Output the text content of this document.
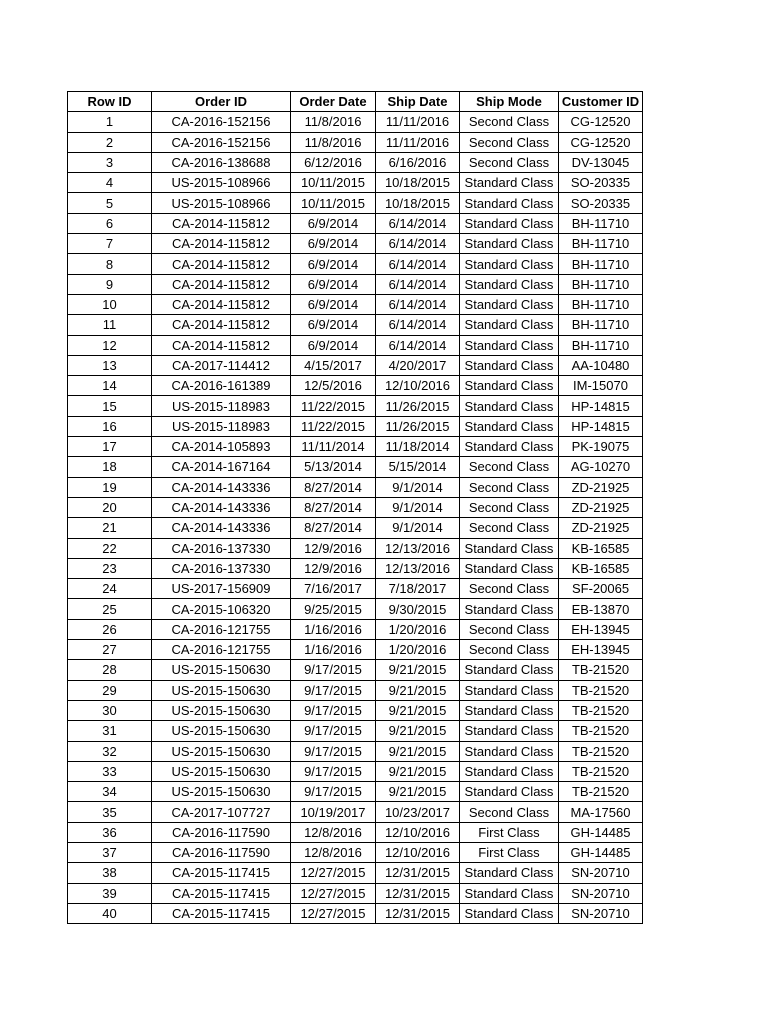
Row ID	Order ID	Order Date	Ship Date	Ship Mode	Customer ID
1	CA-2016-152156	11/8/2016	11/11/2016	Second Class	CG-12520
2	CA-2016-152156	11/8/2016	11/11/2016	Second Class	CG-12520
3	CA-2016-138688	6/12/2016	6/16/2016	Second Class	DV-13045
4	US-2015-108966	10/11/2015	10/18/2015	Standard Class	SO-20335
5	US-2015-108966	10/11/2015	10/18/2015	Standard Class	SO-20335
6	CA-2014-115812	6/9/2014	6/14/2014	Standard Class	BH-11710
7	CA-2014-115812	6/9/2014	6/14/2014	Standard Class	BH-11710
8	CA-2014-115812	6/9/2014	6/14/2014	Standard Class	BH-11710
9	CA-2014-115812	6/9/2014	6/14/2014	Standard Class	BH-11710
10	CA-2014-115812	6/9/2014	6/14/2014	Standard Class	BH-11710
11	CA-2014-115812	6/9/2014	6/14/2014	Standard Class	BH-11710
12	CA-2014-115812	6/9/2014	6/14/2014	Standard Class	BH-11710
13	CA-2017-114412	4/15/2017	4/20/2017	Standard Class	AA-10480
14	CA-2016-161389	12/5/2016	12/10/2016	Standard Class	IM-15070
15	US-2015-118983	11/22/2015	11/26/2015	Standard Class	HP-14815
16	US-2015-118983	11/22/2015	11/26/2015	Standard Class	HP-14815
17	CA-2014-105893	11/11/2014	11/18/2014	Standard Class	PK-19075
18	CA-2014-167164	5/13/2014	5/15/2014	Second Class	AG-10270
19	CA-2014-143336	8/27/2014	9/1/2014	Second Class	ZD-21925
20	CA-2014-143336	8/27/2014	9/1/2014	Second Class	ZD-21925
21	CA-2014-143336	8/27/2014	9/1/2014	Second Class	ZD-21925
22	CA-2016-137330	12/9/2016	12/13/2016	Standard Class	KB-16585
23	CA-2016-137330	12/9/2016	12/13/2016	Standard Class	KB-16585
24	US-2017-156909	7/16/2017	7/18/2017	Second Class	SF-20065
25	CA-2015-106320	9/25/2015	9/30/2015	Standard Class	EB-13870
26	CA-2016-121755	1/16/2016	1/20/2016	Second Class	EH-13945
27	CA-2016-121755	1/16/2016	1/20/2016	Second Class	EH-13945
28	US-2015-150630	9/17/2015	9/21/2015	Standard Class	TB-21520
29	US-2015-150630	9/17/2015	9/21/2015	Standard Class	TB-21520
30	US-2015-150630	9/17/2015	9/21/2015	Standard Class	TB-21520
31	US-2015-150630	9/17/2015	9/21/2015	Standard Class	TB-21520
32	US-2015-150630	9/17/2015	9/21/2015	Standard Class	TB-21520
33	US-2015-150630	9/17/2015	9/21/2015	Standard Class	TB-21520
34	US-2015-150630	9/17/2015	9/21/2015	Standard Class	TB-21520
35	CA-2017-107727	10/19/2017	10/23/2017	Second Class	MA-17560
36	CA-2016-117590	12/8/2016	12/10/2016	First Class	GH-14485
37	CA-2016-117590	12/8/2016	12/10/2016	First Class	GH-14485
38	CA-2015-117415	12/27/2015	12/31/2015	Standard Class	SN-20710
39	CA-2015-117415	12/27/2015	12/31/2015	Standard Class	SN-20710
40	CA-2015-117415	12/27/2015	12/31/2015	Standard Class	SN-20710
